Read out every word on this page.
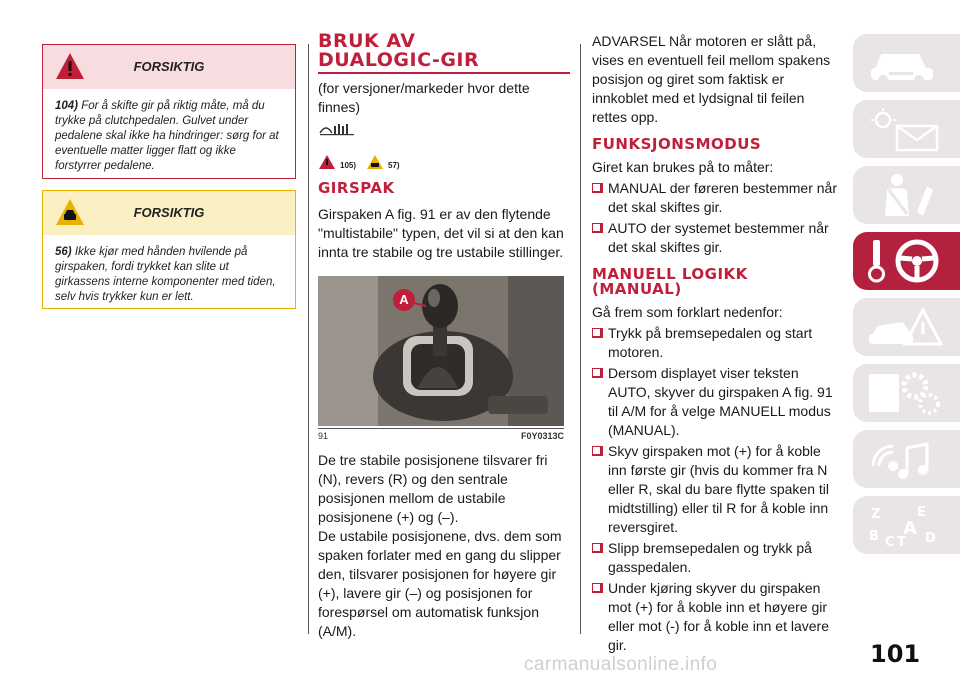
FORSIKTIG
104) For å skifte gir på riktig måte, må du trykke på clutchpedalen. Gulvet under pedalene skal ikke ha hindringer: sørg for at eventuelle matter ligger flatt og ikke forstyrrer pedalene.
FORSIKTIG
56) Ikke kjør med hånden hvilende på girspaken, fordi trykket kan slite ut girkassens interne komponenter med tiden, selv hvis trykker kun er lett.
BRUK AV
DUALOGIC-GIR
(for versjoner/markeder hvor dette finnes)
105)	57)
GIRSPAK
Girspaken A fig. 91 er av den flytende "multistabile" typen, det vil si at den kan innta tre stabile og tre ustabile stillinger.
A
91	F0Y0313C
De tre stabile posisjonene tilsvarer fri (N), revers (R) og den sentrale posisjonen mellom de ustabile posisjonene (+) og (–).
De ustabile posisjonene, dvs. dem som spaken forlater med en gang du slipper den, tilsvarer posisjonen for høyere gir (+), lavere gir (–) og posisjonen for forespørsel om automatisk funksjon (A/M).
ADVARSEL Når motoren er slått på, vises en eventuell feil mellom spakens posisjon og giret som faktisk er innkoblet med et lydsignal til feilen rettes opp.
FUNKSJONSMODUS
Giret kan brukes på to måter:
MANUAL der føreren bestemmer når det skal skiftes gir.
AUTO der systemet bestemmer når det skal skiftes gir.
MANUELL LOGIKK
(MANUAL)
Gå frem som forklart nedenfor:
Trykk på bremsepedalen og start motoren.
Dersom displayet viser teksten AUTO, skyver du girspaken A fig. 91 til A/M for å velge MANUELL modus (MANUAL).
Skyv girspaken mot (+) for å koble inn første gir (hvis du kommer fra N eller R, skal du bare flytte spaken til midtstilling) eller til R for å koble inn reversgiret.
Slipp bremsepedalen og trykk på gasspedalen.
Under kjøring skyver du girspaken mot (+) for å koble inn et høyere gir eller mot (-) for å koble inn et lavere gir.
Z	E
B A
C T D
101
carmanualsonline.info
